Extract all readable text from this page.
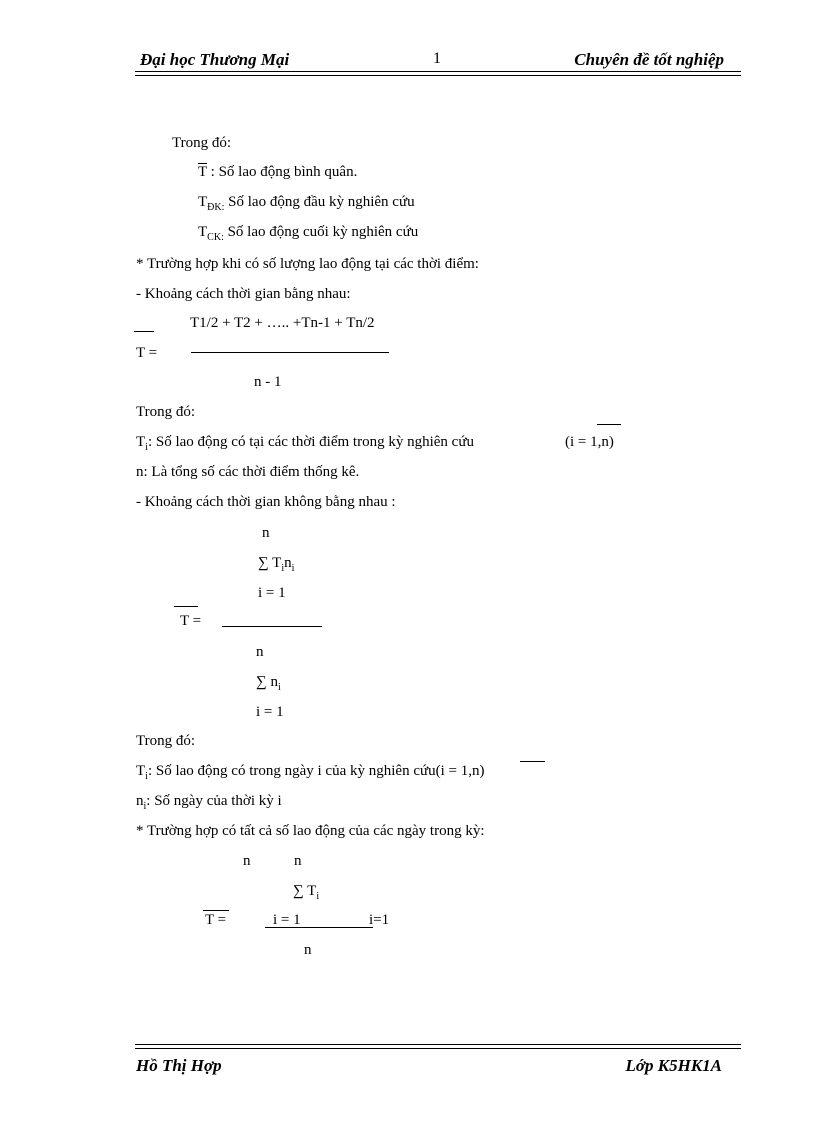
Đại học Thương Mại	1	Chuyên đề tốt nghiệp
Trong đó:
$\overline{T}$ : Số lao động bình quân.
$T_{ĐK:}$ Số lao động đầu kỳ nghiên cứu
$T_{CK:}$ Số lao động cuối kỳ nghiên cứu
* Trường hợp khi có số lượng lao động tại các thời điểm:
- Khoảng cách thời gian bằng nhau:
T1/2 + T2 + ….. +Tn-1 + Tn/2
T =
n - 1
Trong đó:
$T_i$: Số lao động có tại các thời điểm trong kỳ nghiên cứu	(i = 1,n)
n: Là tổng số các thời điểm thống kê.
- Khoảng cách thời gian không bằng nhau :
n
∑ $T_in_i$
i = 1
T =
n
∑ $n_i$
i = 1
Trong đó:
$T_i$: Số lao động có trong ngày i của kỳ nghiên cứu(i = 1,n)
$n_i$: Số ngày của thời kỳ i
* Trường hợp có tất cả số lao động của các ngày trong kỳ:
n	n
∑ $T_i$
T =	i = 1	i=1
n
Hồ Thị Hợp	Lớp K5HK1A
